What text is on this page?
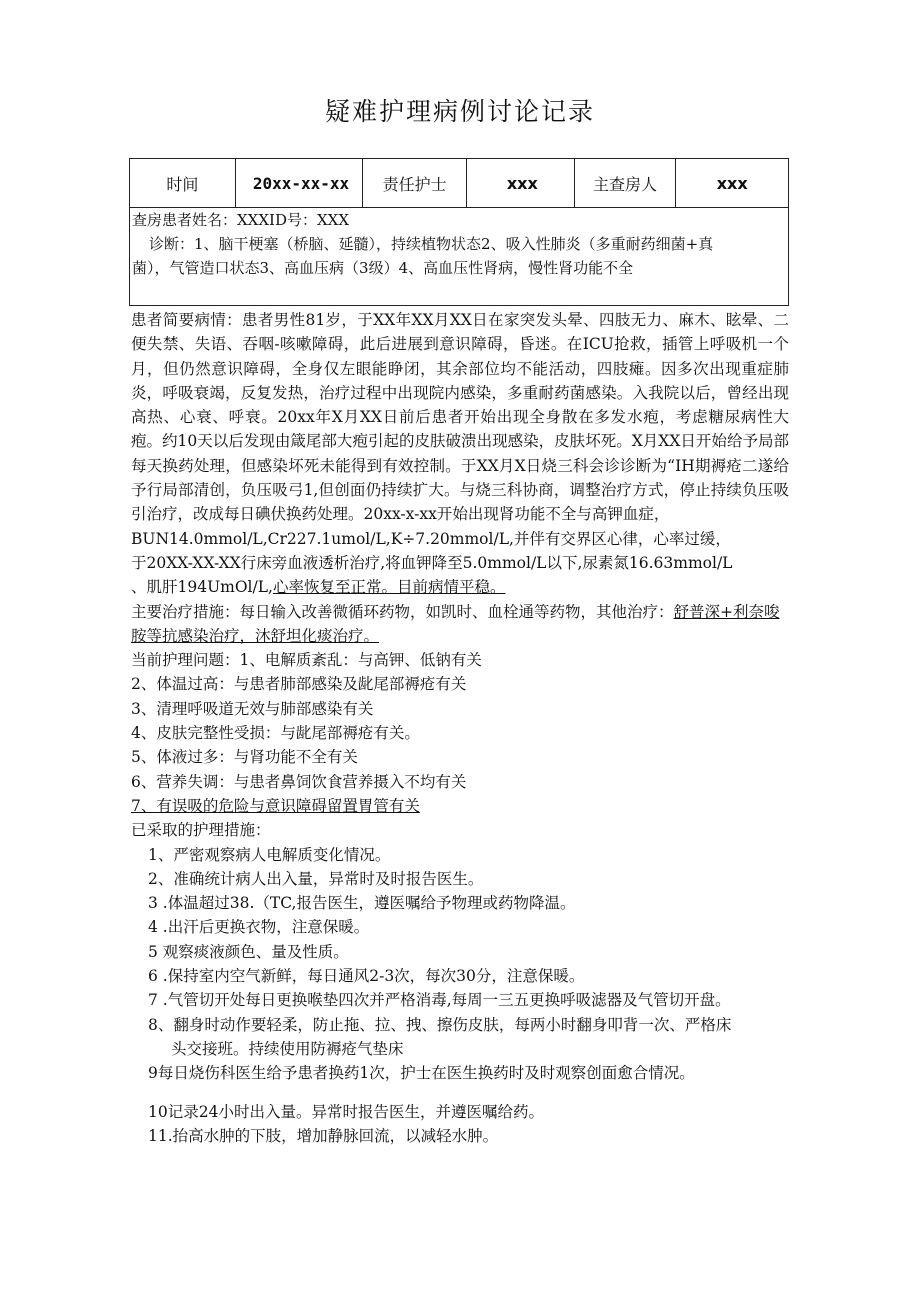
疑难护理病例讨论记录
时间	20xx-xx-xx	责任护士	xxx	主查房人	xxx

查房患者姓名：XXXID号：XXX

诊断：1、脑干梗塞（桥脑、延髓），持续植物状态2、吸入性肺炎（多重耐药细菌+真

菌），气管造口状态3、高血压病（3级）4、高血压性肾病，慢性肾功能不全

患者简要病情：患者男性81岁，于XX年XX月XX日在家突发头晕、四肢无力、麻木、眩晕、二便失禁、失语、吞咽-咳嗽障碍，此后进展到意识障碍，昏迷。在ICU抢救，插管上呼吸机一个月，但仍然意识障碍，全身仅左眼能睁闭，其余部位均不能活动，四肢瘫。因多次出现重症肺炎，呼吸衰竭，反复发热，治疗过程中出现院内感染，多重耐药菌感染。入我院以后，曾经出现高热、心衰、呼衰。20xx年X月XX日前后患者开始出现全身散在多发水疱，考虑糖尿病性大疱。约10天以后发现由箴尾部大疱引起的皮肤破溃出现感染，皮肤坏死。X月XX日开始给予局部每天换药处理，但感染坏死未能得到有效控制。于XX月X日烧三科会诊诊断为“IH期褥疮二遂给予行局部清创，负压吸弓1,但创面仍持续扩大。与烧三科协商，调整治疗方式，停止持续负压吸引治疗，改成每日碘伏换药处理。20xx-x-xx开始出现肾功能不全与高钾血症，

BUN14.0mmol/L,Cr227.1umol/L,K÷7.20mmol/L,并伴有交界区心律，心率过缓，

于20XX-XX-XX行床旁血液透析治疗,将血钾降至5.0mmol/L以下,尿素氮16.63mmol/L

、肌肝194UmOl/L,心率恢复至正常。目前病情平稳。

主要治疗措施：每日输入改善微循环药物，如凯时、血栓通等药物，其他治疗：舒普深+利奈唆胺等抗感染治疗，沐舒坦化痰治疗。

当前护理问题：1、电解质紊乱：与高钾、低钠有关

2、体温过高：与患者肺部感染及龀尾部褥疮有关

3、清理呼吸道无效与肺部感染有关

4、皮肤完整性受损：与龀尾部褥疮有关。

5、体液过多：与肾功能不全有关

6、营养失调：与患者鼻饲饮食营养摄入不均有关

7、有误吸的危险与意识障碍留置胃管有关

已采取的护理措施：

1、严密观察病人电解质变化情况。

2、准确统计病人出入量，异常时及时报告医生。

3 .体温超过38.（TC,报告医生，遵医嘱给予物理或药物降温。

4 .出汗后更换衣物，注意保暖。

5 观察痰液颜色、量及性质。

6 .保持室内空气新鲜，每日通风2-3次，每次30分，注意保暖。

7 .气管切开处每日更换喉垫四次并严格消毒,每周一三五更换呼吸滤器及气管切开盘。

8、翻身时动作要轻柔，防止拖、拉、拽、擦伤皮肤，每两小时翻身叩背一次、严格床

头交接班。持续使用防褥疮气垫床

9每日烧伤科医生给予患者换药1次，护士在医生换药时及时观察创面愈合情况。

10记录24小时出入量。异常时报告医生，并遵医嘱给药。

11.抬高水肿的下肢，增加静脉回流，以减轻水肿。
